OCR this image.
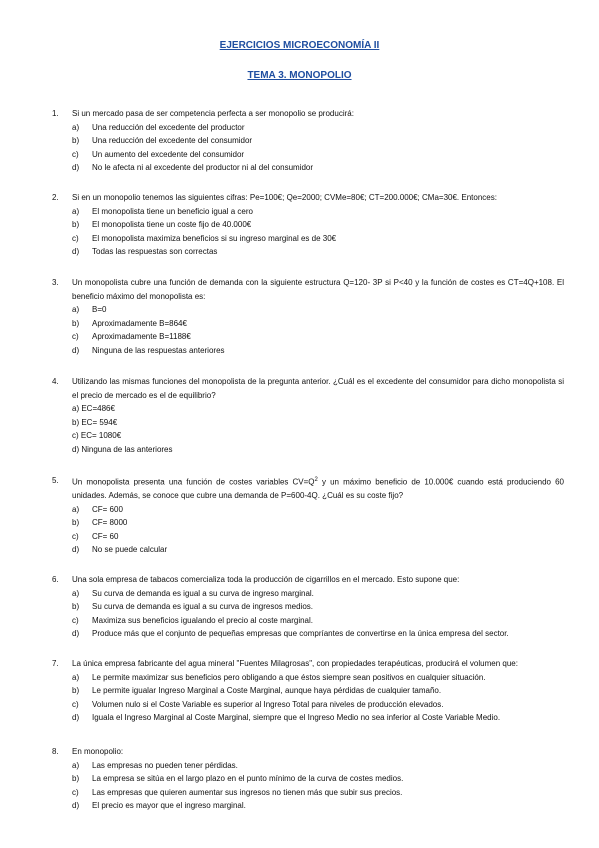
EJERCICIOS MICROECONOMÍA II
TEMA 3. MONOPOLIO
1.	Si un mercado pasa de ser competencia perfecta a ser monopolio se producirá:
a)	Una reducción del excedente del productor
b)	Una reducción del excedente del consumidor
c)	Un aumento del excedente del consumidor
d)	No le afecta ni al excedente del productor ni al del consumidor
2.	Si en un monopolio tenemos las siguientes cifras: Pe=100€; Qe=2000; CVMe=80€; CT=200.000€; CMa=30€. Entonces:
a)	El monopolista tiene un beneficio igual a cero
b)	El monopolista tiene un coste fijo de 40.000€
c)	El monopolista maximiza beneficios si su ingreso marginal es de 30€
d)	Todas las respuestas son correctas
3.	Un monopolista cubre una función de demanda con la siguiente estructura Q=120- 3P si P<40 y la función de costes es CT=4Q+108. El beneficio máximo del monopolista es:
a)	B=0
b)	Aproximadamente B=864€
c)	Aproximadamente B=1188€
d)	Ninguna de las respuestas anteriores
4.	Utilizando las mismas funciones del monopolista de la pregunta anterior. ¿Cuál es el excedente del consumidor para dicho monopolista si el precio de mercado es el de equilibrio?
a) EC=486€
b) EC= 594€
c) EC= 1080€
d) Ninguna de las anteriores
5.	Un monopolista presenta una función de costes variables $CV=Q^2$ y un máximo beneficio de 10.000€ cuando está produciendo 60 unidades. Además, se conoce que cubre una demanda de P=600-4Q. ¿Cuál es su coste fijo?
a)	CF= 600
b)	CF= 8000
c)	CF= 60
d)	No se puede calcular
6.	Una sola empresa de tabacos comercializa toda la producción de cigarrillos en el mercado. Esto supone que:
a)	Su curva de demanda es igual a su curva de ingreso marginal.
b)	Su curva de demanda es igual a su curva de ingresos medios.
c)	Maximiza sus beneficios igualando el precio al coste marginal.
d)	Produce más que el conjunto de pequeñas empresas que compríantes de convertirse en la única empresa del sector.
7.	La única empresa fabricante del agua mineral "Fuentes Milagrosas", con propiedades terapéuticas, producirá el volumen que:
a)	Le permite maximizar sus beneficios pero obligando a que éstos siempre sean positivos en cualquier situación.
b)	Le permite igualar Ingreso Marginal a Coste Marginal, aunque haya pérdidas de cualquier tamaño.
c)	Volumen nulo si el Coste Variable es superior al Ingreso Total para niveles de producción elevados.
d)	Iguala el Ingreso Marginal al Coste Marginal, siempre que el Ingreso Medio no sea inferior al Coste Variable Medio.
8.	En monopolio:
a)	Las empresas no pueden tener pérdidas.
b)	La empresa se sitúa en el largo plazo en el punto mínimo de la curva de costes medios.
c)	Las empresas que quieren aumentar sus ingresos no tienen más que subir sus precios.
d)	El precio es mayor que el ingreso marginal.
